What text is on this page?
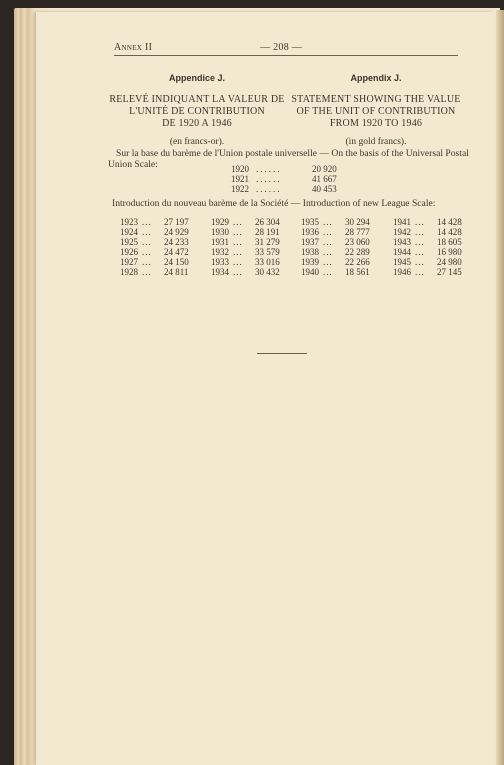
Annex II	— 208 —
Appendice J.
RELEVÉ INDIQUANT LA VALEUR DE
L'UNITÉ DE CONTRIBUTION
DE 1920 A 1946
(en francs-or).
Appendix J.
STATEMENT SHOWING THE VALUE
OF THE UNIT OF CONTRIBUTION
FROM 1920 TO 1946
(in gold francs).
Sur la base du barème de l'Union postale universelle — On the basis of the Universal Postal
Union Scale:	1920 ......	20 920
1921 ......	41 667
1922 ......	40 453
Introduction du nouveau barème de la Société — Introduction of new League Scale:
1923 ... 27 197
1924 ... 24 929
1925 ... 24 233
1926 ... 24 472
1927 ... 24 150
1928 ... 24 811
1929 ... 26 304
1930 ... 28 191
1931 ... 31 279
1932 ... 33 579
1933 ... 33 016
1934 ... 30 432
1935 ... 30 294
1936 ... 28 777
1937 ... 23 060
1938 ... 22 289
1939 ... 22 266
1940 ... 18 561
1941 ... 14 428
1942 ... 14 428
1943 ... 18 605
1944 ... 16 980
1945 ... 24 980
1946 ... 27 145
